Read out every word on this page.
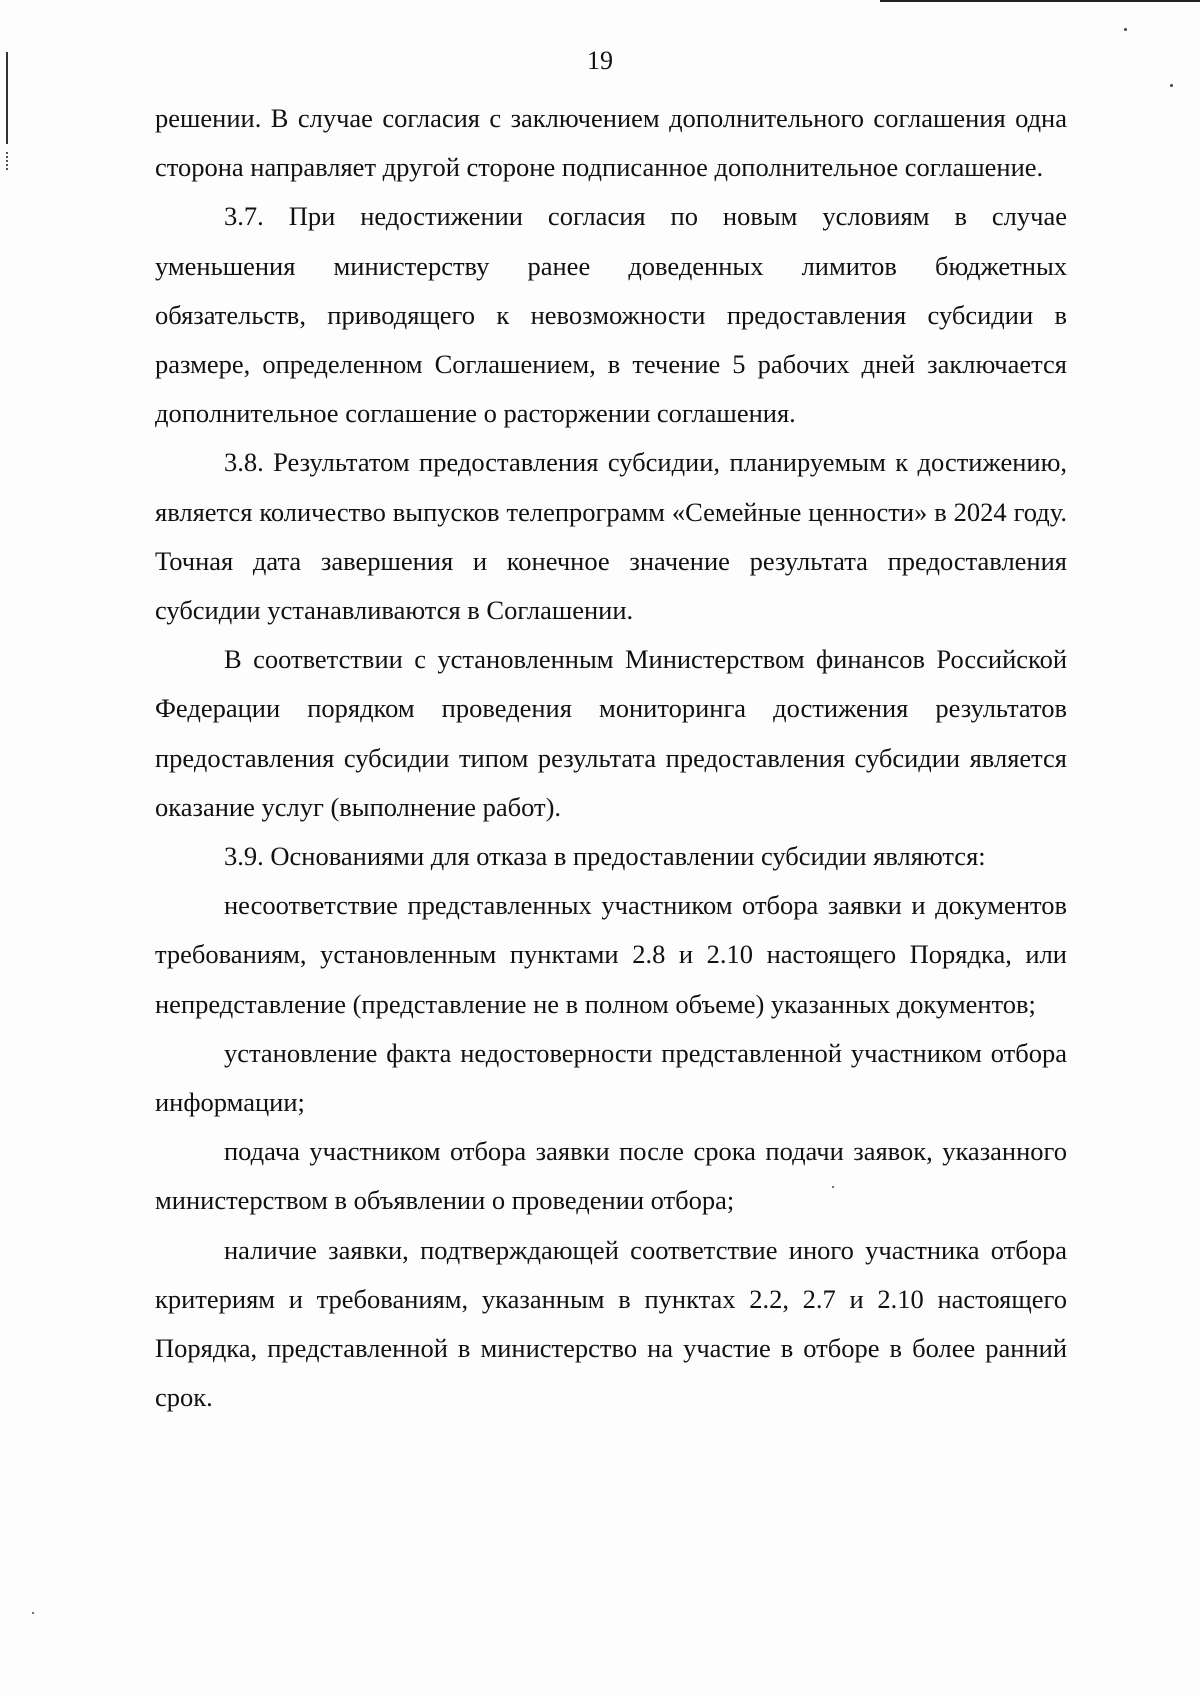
19

решении. В случае согласия с заключением дополнительного соглашения одна сторона направляет другой стороне подписанное дополнительное соглашение.

3.7. При недостижении согласия по новым условиям в случае уменьшения министерству ранее доведенных лимитов бюджетных обязательств, приводящего к невозможности предоставления субсидии в размере, определенном Соглашением, в течение 5 рабочих дней заключается дополнительное соглашение о расторжении соглашения.

3.8. Результатом предоставления субсидии, планируемым к достижению, является количество выпусков телепрограмм «Семейные ценности» в 2024 году. Точная дата завершения и конечное значение результата предоставления субсидии устанавливаются в Соглашении.

В соответствии с установленным Министерством финансов Российской Федерации порядком проведения мониторинга достижения результатов предоставления субсидии типом результата предоставления субсидии является оказание услуг (выполнение работ).

3.9. Основаниями для отказа в предоставлении субсидии являются:

несоответствие представленных участником отбора заявки и документов требованиям, установленным пунктами 2.8 и 2.10 настоящего Порядка, или непредставление (представление не в полном объеме) указанных документов;

установление факта недостоверности представленной участником отбора информации;

подача участником отбора заявки после срока подачи заявок, указанного министерством в объявлении о проведении отбора;

наличие заявки, подтверждающей соответствие иного участника отбора критериям и требованиям, указанным в пунктах 2.2, 2.7 и 2.10 настоящего Порядка, представленной в министерство на участие в отборе в более ранний срок.
